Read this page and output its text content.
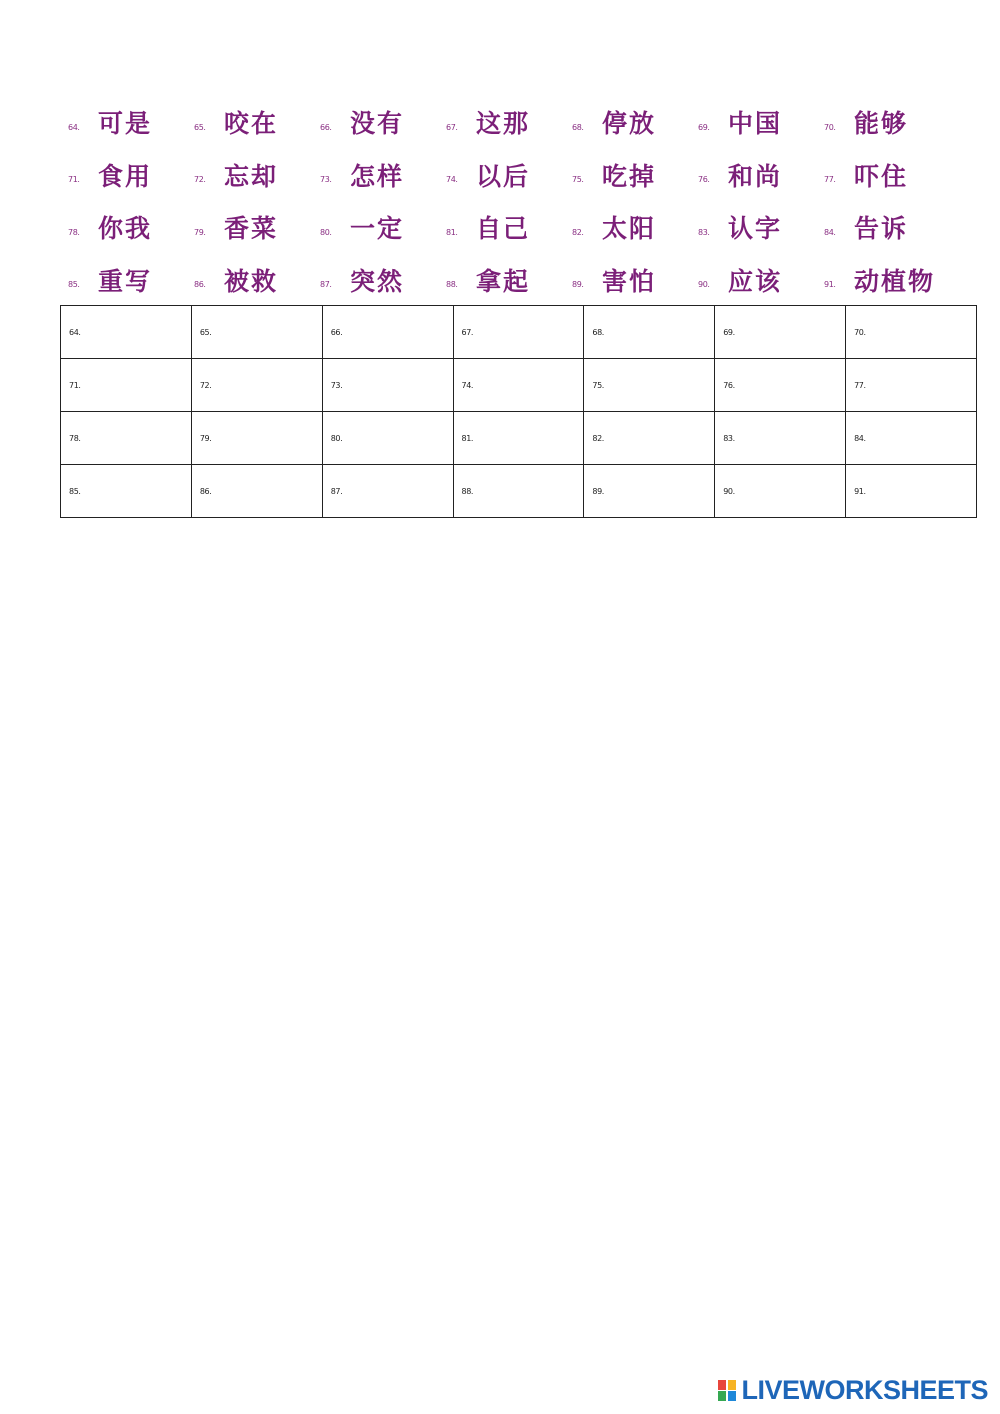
64. 可是	65. 咬在	66. 没有	67. 这那	68. 停放	69. 中国	70. 能够
71. 食用	72. 忘却	73. 怎样	74. 以后	75. 吃掉	76. 和尚	77. 吓住
78. 你我	79. 香菜	80. 一定	81. 自己	82. 太阳	83. 认字	84. 告诉
85. 重写	86. 被救	87. 突然	88. 拿起	89. 害怕	90. 应该	91. 动植物
64.	65.	66.	67.	68.	69.	70.
71.	72.	73.	74.	75.	76.	77.
78.	79.	80.	81.	82.	83.	84.
85.	86.	87.	88.	89.	90.	91.
LIVEWORKSHEETS
